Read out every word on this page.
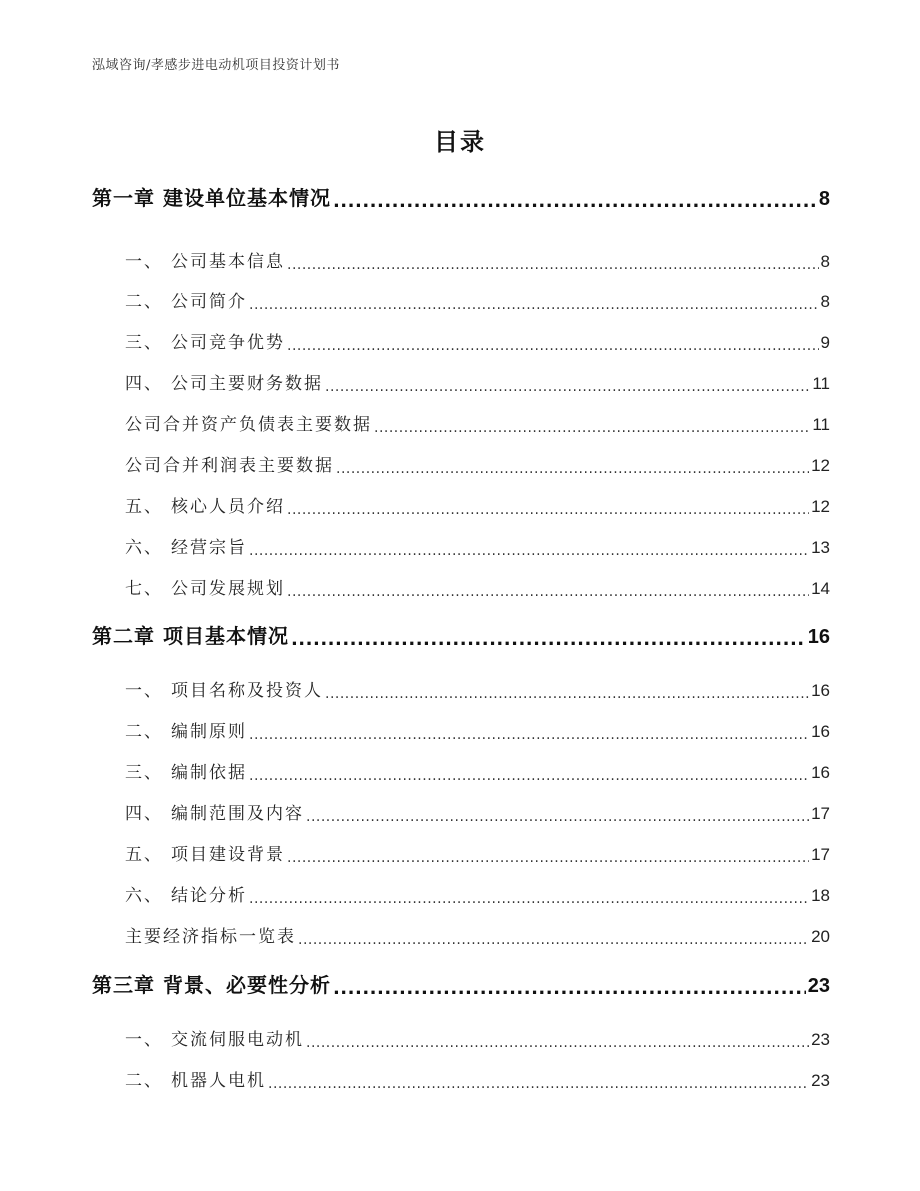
泓域咨询/孝感步进电动机项目投资计划书
目录
第一章 建设单位基本情况 .....	8
一、 公司基本信息 .....	8
二、 公司简介 .....	8
三、 公司竞争优势 .....	9
四、 公司主要财务数据 .....	11
公司合并资产负债表主要数据 .....	11
公司合并利润表主要数据 .....	12
五、 核心人员介绍 .....	12
六、 经营宗旨 .....	13
七、 公司发展规划 .....	14
第二章 项目基本情况 .....	16
一、 项目名称及投资人 .....	16
二、 编制原则 .....	16
三、 编制依据 .....	16
四、 编制范围及内容 .....	17
五、 项目建设背景 .....	17
六、 结论分析 .....	18
主要经济指标一览表 .....	20
第三章 背景、必要性分析 .....	23
一、 交流伺服电动机 .....	23
二、 机器人电机 .....	23
